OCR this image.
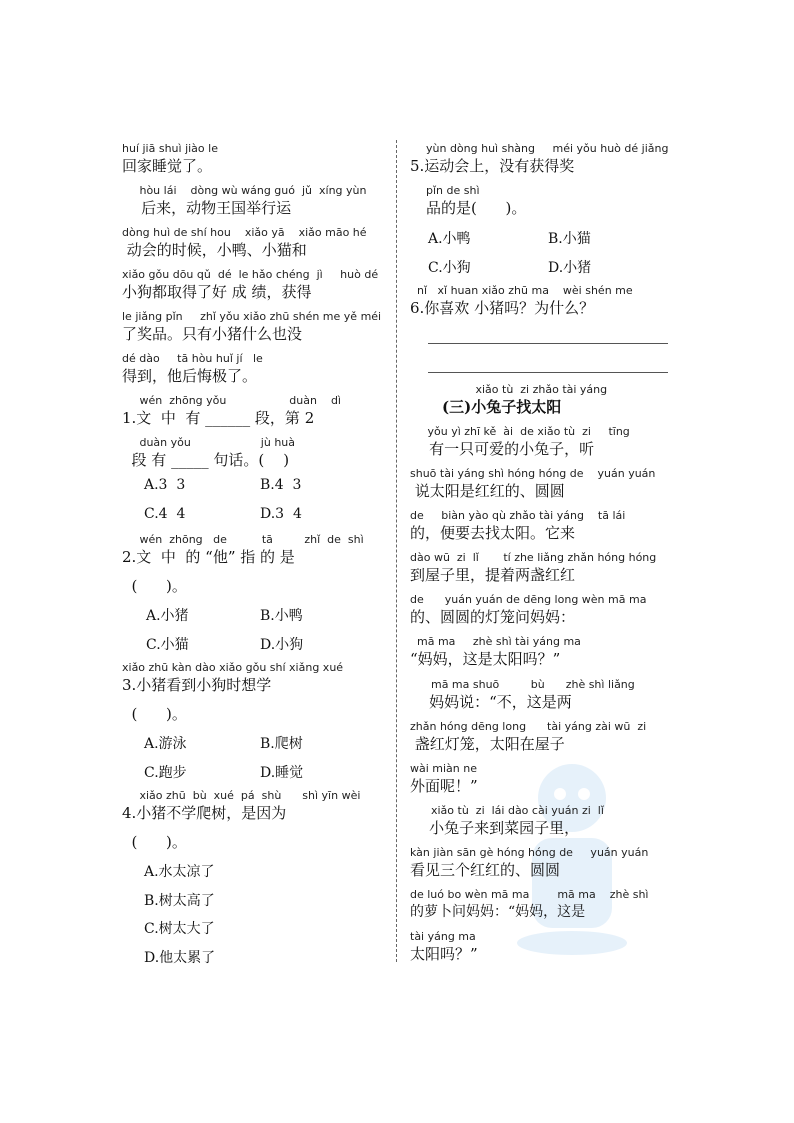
huí jiā shuì jiào le
回家睡觉了。
hòu lái    dòng wù wáng guó  jǔ  xíng yùn
后来，动物王国举行运
dòng huì de shí hou    xiǎo yā    xiǎo māo hé
动会的时候，小鸭、小猫和
xiǎo gǒu dōu qǔ  dé  le hǎo chéng  jì     huò dé
小狗都取得了好 成 绩，获得
le jiǎng pǐn     zhǐ yǒu xiǎo zhū shén me yě méi
了奖品。只有小猪什么也没
dé dào     tā hòu huǐ jí   le
得到，他后悔极了。
wén  zhōng yǒu                  duàn    dì
1.文  中  有 ______ 段，第 2
duàn yǒu                    jù huà
段 有 _____ 句话。(    )
A.3  3	B.4  3
C.4  4	D.3  4
wén  zhōng   de          tā         zhǐ  de  shì
2.文  中  的 “他” 指 的 是
(      )。
A.小猪	B.小鸭
C.小猫	D.小狗
xiǎo zhū kàn dào xiǎo gǒu shí xiǎng xué
3.小猪看到小狗时想学
(      )。
A.游泳	B.爬树
C.跑步	D.睡觉
xiǎo zhū  bù  xué  pá  shù      shì yīn wèi
4.小猪不学爬树，是因为
(      )。
A.水太凉了
B.树太高了
C.树太大了
D.他太累了
yùn dòng huì shàng     méi yǒu huò dé jiǎng
5.运动会上，没有获得奖
pǐn de shì
品的是(      )。
A.小鸭	B.小猫
C.小狗	D.小猪
nǐ   xǐ huan xiǎo zhū ma    wèi shén me
6.你喜欢 小猪吗？为什么？
xiǎo tù  zi zhǎo tài yáng
(三)小兔子找太阳
yǒu yì zhī kě  ài  de xiǎo tù  zi     tīng
有一只可爱的小兔子，听
shuō tài yáng shì hóng hóng de    yuán yuán
说太阳是红红的、圆圆
de     biàn yào qù zhǎo tài yáng    tā lái
的，便要去找太阳。它来
dào wū  zi  lǐ       tí zhe liǎng zhǎn hóng hóng
到屋子里，提着两盏红红
de      yuán yuán de dēng long wèn mā ma
的、圆圆的灯笼问妈妈：
mā ma     zhè shì tài yáng ma
“妈妈，这是太阳吗？”
mā ma shuō         bù      zhè shì liǎng
妈妈说：“不，这是两
zhǎn hóng dēng long      tài yáng zài wū  zi
盏红灯笼，太阳在屋子
wài miàn ne
外面呢！”
xiǎo tù  zi  lái dào cài yuán zi  lǐ
小兔子来到菜园子里，
kàn jiàn sān gè hóng hóng de     yuán yuán
看见三个红红的、圆圆
de luó bo wèn mā ma        mā ma    zhè shì
的萝卜问妈妈：“妈妈，这是
tài yáng ma
太阳吗？”
